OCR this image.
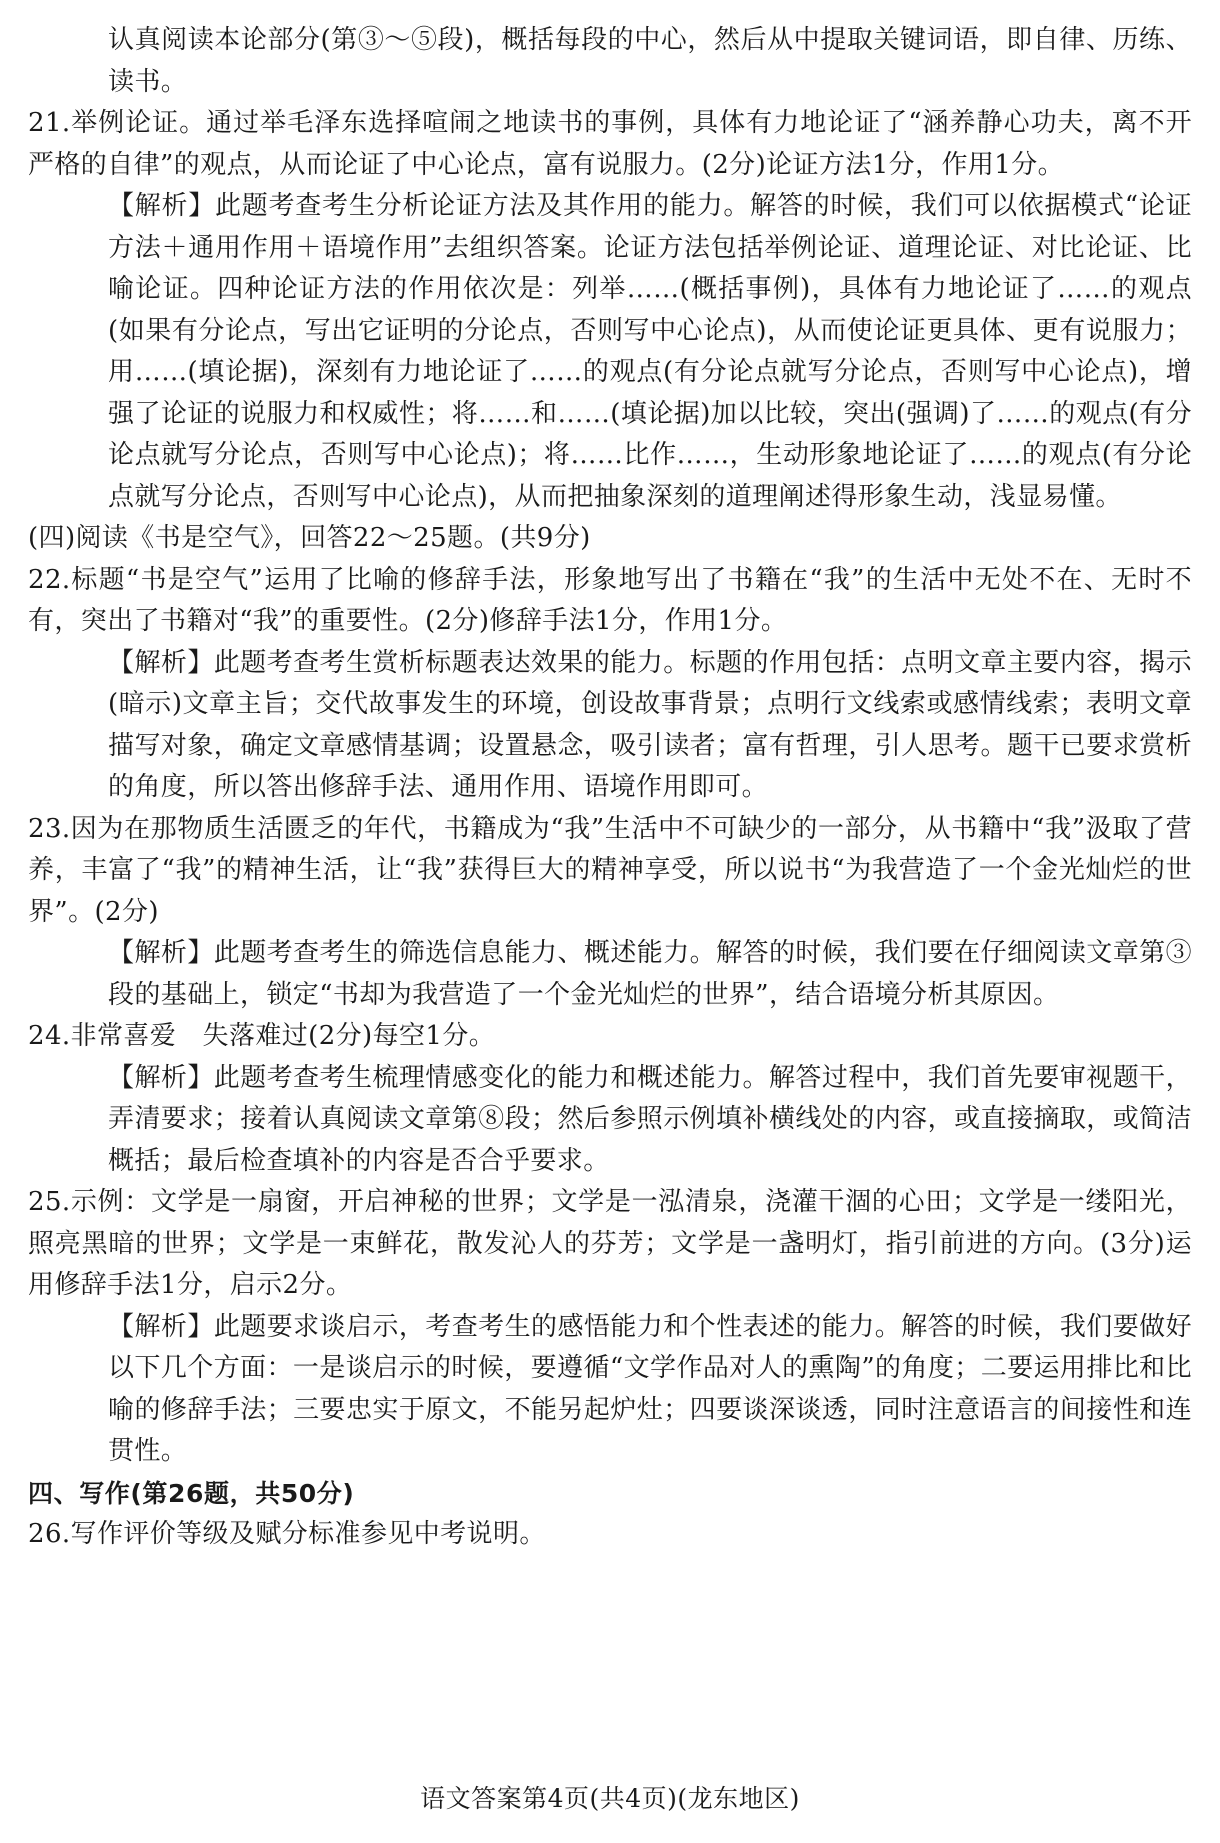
认真阅读本论部分(第③～⑤段)，概括每段的中心，然后从中提取关键词语，即自律、历练、读书。

21.举例论证。通过举毛泽东选择喧闹之地读书的事例，具体有力地论证了“涵养静心功夫，离不开严格的自律”的观点，从而论证了中心论点，富有说服力。(2分)论证方法1分，作用1分。

【解析】此题考查考生分析论证方法及其作用的能力。解答的时候，我们可以依据模式“论证方法＋通用作用＋语境作用”去组织答案。论证方法包括举例论证、道理论证、对比论证、比喻论证。四种论证方法的作用依次是：列举……(概括事例)，具体有力地论证了……的观点(如果有分论点，写出它证明的分论点，否则写中心论点)，从而使论证更具体、更有说服力；用……(填论据)，深刻有力地论证了……的观点(有分论点就写分论点，否则写中心论点)，增强了论证的说服力和权威性；将……和……(填论据)加以比较，突出(强调)了……的观点(有分论点就写分论点，否则写中心论点)；将……比作……，生动形象地论证了……的观点(有分论点就写分论点，否则写中心论点)，从而把抽象深刻的道理阐述得形象生动，浅显易懂。

(四)阅读《书是空气》，回答22～25题。(共9分)

22.标题“书是空气”运用了比喻的修辞手法，形象地写出了书籍在“我”的生活中无处不在、无时不有，突出了书籍对“我”的重要性。(2分)修辞手法1分，作用1分。

【解析】此题考查考生赏析标题表达效果的能力。标题的作用包括：点明文章主要内容，揭示(暗示)文章主旨；交代故事发生的环境，创设故事背景；点明行文线索或感情线索；表明文章描写对象，确定文章感情基调；设置悬念，吸引读者；富有哲理，引人思考。题干已要求赏析的角度，所以答出修辞手法、通用作用、语境作用即可。

23.因为在那物质生活匮乏的年代，书籍成为“我”生活中不可缺少的一部分，从书籍中“我”汲取了营养，丰富了“我”的精神生活，让“我”获得巨大的精神享受，所以说书“为我营造了一个金光灿烂的世界”。(2分)

【解析】此题考查考生的筛选信息能力、概述能力。解答的时候，我们要在仔细阅读文章第③段的基础上，锁定“书却为我营造了一个金光灿烂的世界”，结合语境分析其原因。

24.非常喜爱　失落难过(2分)每空1分。

【解析】此题考查考生梳理情感变化的能力和概述能力。解答过程中，我们首先要审视题干，弄清要求；接着认真阅读文章第⑧段；然后参照示例填补横线处的内容，或直接摘取，或简洁概括；最后检查填补的内容是否合乎要求。

25.示例：文学是一扇窗，开启神秘的世界；文学是一泓清泉，浇灌干涸的心田；文学是一缕阳光，照亮黑暗的世界；文学是一束鲜花，散发沁人的芬芳；文学是一盏明灯，指引前进的方向。(3分)运用修辞手法1分，启示2分。

【解析】此题要求谈启示，考查考生的感悟能力和个性表述的能力。解答的时候，我们要做好以下几个方面：一是谈启示的时候，要遵循“文学作品对人的熏陶”的角度；二要运用排比和比喻的修辞手法；三要忠实于原文，不能另起炉灶；四要谈深谈透，同时注意语言的间接性和连贯性。

四、写作(第26题，共50分)

26.写作评价等级及赋分标准参见中考说明。

语文答案第4页(共4页)(龙东地区)
